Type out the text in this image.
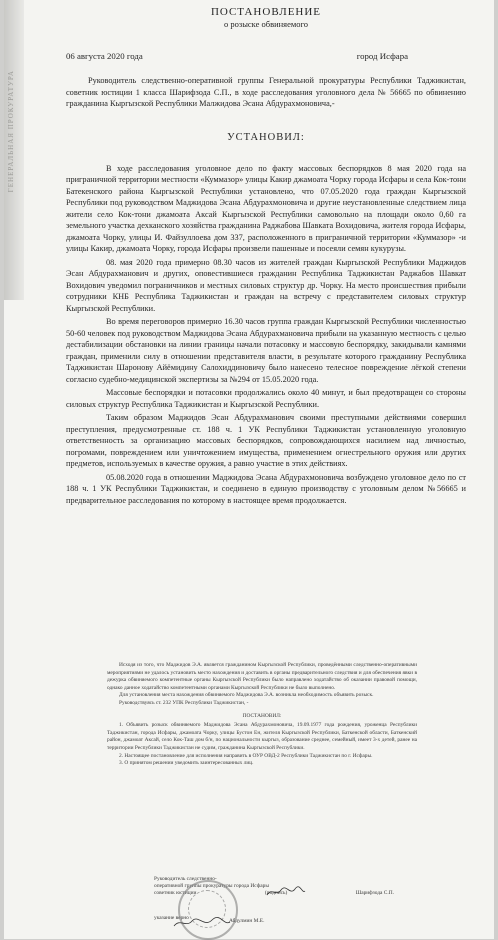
ГЕНЕРАЛЬНАЯ ПРОКУРАТУРА
ПОСТАНОВЛЕНИЕ
о розыске обвиняемого
06 августа 2020 года	город Исфара

Руководитель следственно-оперативной группы Генеральной прокуратуры Республики Таджикистан, советник юстиции 1 класса Шарифзода С.П., в ходе расследования уголовного дела № 56665 по обвинению гражданина Кыргызской Республики Малжидова Эсана Абдурахмоновича,-

УСТАНОВИЛ:

В ходе расследования уголовное дело по факту массовых беспорядков 8 мая 2020 года на приграничной территории местности «Куммазор» улицы Какир джамоата Чорку города Исфары и села Кок-тони Батекенского района Кыргызской Республики установлено, что 07.05.2020 года граждан Кыргызской Республики под руководством Маджидова Эсана Абдурахмоновича и другие неустановленные следствием лица жители село Кок-тони джамоата Аксай Кыргызской Республики самовольно на площади около 0,60 га земельного участка дехканского хозяйства гражданина Раджабова Шавката Вохидовича, жителя города Исфары, джамоата Чорку, улицы И. Файзуллоева дом 337, расположенного в приграничной территории «Куммазор» -и улицы Какир, джамоата Чорку, города Исфары произвели пашенные и посеяли семян кукурузы.

08. мая 2020 года примерно 08.30 часов из жителей граждан Кыргызской Республики Маджидов Эсан Абдурахманович и других, оповестившиеся гражданин Республика Таджикистан Раджабов Шавкат Вохидович уведомил пограничников и местных силовых структур др. Чорку. На место происшествия прибыли сотрудники КНБ Республика Таджикистан и граждан на встречу с представителем силовых структур Кыргызской Республики.

Во время переговоров примерно 16.30 часов группа граждан Кыргызской Республики численностью 50-60 человек под руководством Маджидова Эсана Абдурахмановича прибыли на указанную местность с целью дестабилизации обстановки на линии границы начали потасовку и массовую беспорядку, закидывали камнями граждан, применили силу в отношении представителя власти, в результате которого гражданину Республика Таджикистан Шаронову Айёмидину Салохиддиновичу было нанесено телесное повреждение лёгкой степени согласно судебно-медицинской экспертизы за №294 от 15.05.2020 года.

Массовые беспорядки и потасовки продолжались около 40 минут, и был предотвращен со стороны силовых структур Республика Таджикистан и Кыргызской Республики.

Таким образом Маджидов Эсан Абдурахманович своими преступными действиями совершил преступления, предусмотренные ст. 188 ч. 1 УК Республики Таджикистан установленную уголовную ответственность за организацию массовых беспорядков, сопровождающихся насилием над личностью, погромами, повреждением или уничтожением имущества, применением огнестрельного оружия или других предметов, используемых в качестве оружия, а равно участие в этих действиях.

05.08.2020 года в отношении Маджидова Эсана Абдурахмоновича возбуждено уголовное дело по ст 188 ч. 1 УК Республики Таджикистан, и соединено в единую производству с уголовным делом №56665 и предварительное расследования по которому в настоящее время продолжается.

Исходя из того, что Маджидов Э.А. является гражданином Кыргызской Республики, проведёнными следственно-оперативными мероприятиями не удалось установить место нахождения и доставить в органы предварительного следствия и для обеспечения явки в дежурка обвиняемого компетентные органы Кыргызской Республики было направлено ходатайство об оказании правовой помощи, однако данное ходатайство компетентными органами Кыргызской Республики не было выполнено.

Для установления места нахождения обвиняемого Маджидова Э.А. возникла необходимость объявить розыск.

Руководствуясь ст. 232 УПК Республики Таджикистан, -

ПОСТАНОВИЛ:

1. Объявить розыск обвиняемого Маджидова Эсана Абдурахмоновича, 19.09.1977 года рождения, уроженца Республики Таджикистан, города Исфары, джамоата Чорку, улицы Бустон Ен, жителя Кыргызской Республики, Баткенской области, Баткенский район, джамоат Аксай, село Кок-Таш дом б/н, по национальности кыргыз, образование среднее, семейный, имеет 3-х детей, ранее на территории Республики Таджикистан не судим, гражданина Кыргызской Республики.

2. Настоящее постановление для исполнения направить в ОУР ОВД-2 Республики Таджикистан по г. Исфары.

3. О принятом решении уведомить заинтересованных лиц.

Руководитель следственно-
оперативной группы прокуратуры города Исфары
советник юстиции	(подпись)	Шарифзода С.П.
указание верно	Абдулмин М.Е.
